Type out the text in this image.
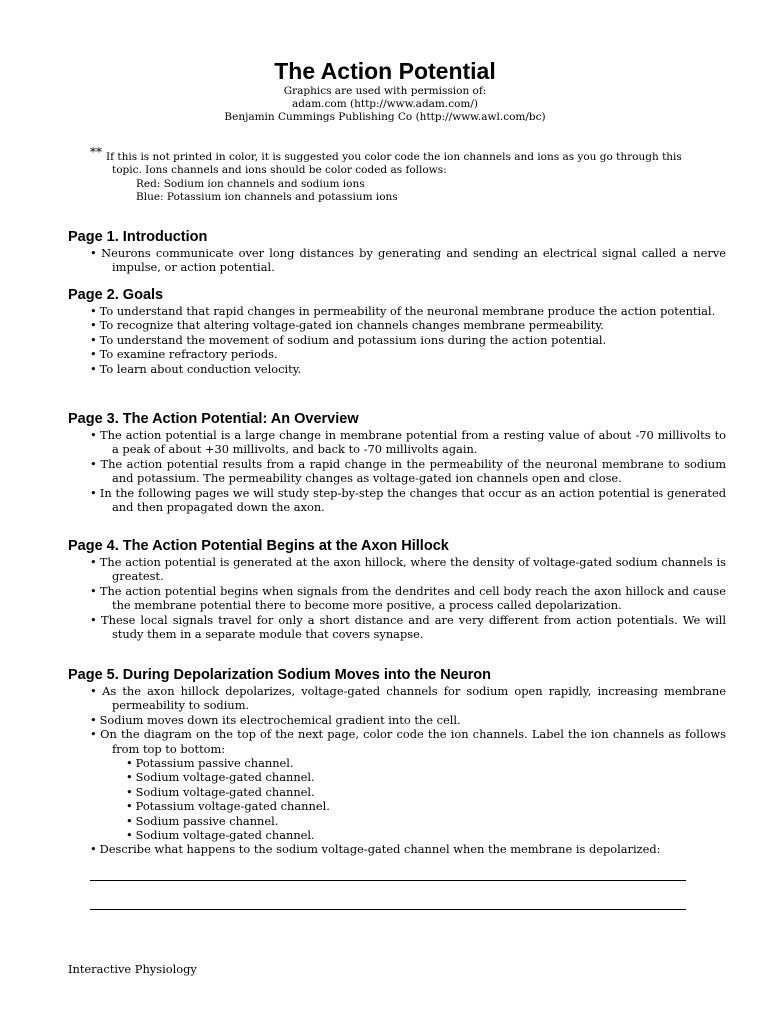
The Action Potential
Graphics are used with permission of:
adam.com (http://www.adam.com/)
Benjamin Cummings Publishing Co (http://www.awl.com/bc)
** If this is not printed in color, it is suggested you color code the ion channels and ions as you go through this
topic. Ions channels and ions should be color coded as follows:
Red: Sodium ion channels and sodium ions
Blue: Potassium ion channels and potassium ions
Page 1. Introduction
• Neurons communicate over long distances by generating and sending an electrical signal called a nerve impulse, or action potential.
Page 2. Goals
• To understand that rapid changes in permeability of the neuronal membrane produce the action potential.
• To recognize that altering voltage-gated ion channels changes membrane permeability.
• To understand the movement of sodium and potassium ions during the action potential.
• To examine refractory periods.
• To learn about conduction velocity.
Page 3. The Action Potential: An Overview
• The action potential is a large change in membrane potential from a resting value of about -70 millivolts to a peak of about +30 millivolts, and back to -70 millivolts again.
• The action potential results from a rapid change in the permeability of the neuronal membrane to sodium and potassium. The permeability changes as voltage-gated ion channels open and close.
• In the following pages we will study step-by-step the changes that occur as an action potential is generated and then propagated down the axon.
Page 4. The Action Potential Begins at the Axon Hillock
• The action potential is generated at the axon hillock, where the density of voltage-gated sodium channels is greatest.
• The action potential begins when signals from the dendrites and cell body reach the axon hillock and cause the membrane potential there to become more positive, a process called depolarization.
• These local signals travel for only a short distance and are very different from action potentials. We will study them in a separate module that covers synapse.
Page 5. During Depolarization Sodium Moves into the Neuron
• As the axon hillock depolarizes, voltage-gated channels for sodium open rapidly, increasing membrane permeability to sodium.
• Sodium moves down its electrochemical gradient into the cell.
• On the diagram on the top of the next page, color code the ion channels. Label the ion channels as follows from top to bottom:
• Potassium passive channel.
• Sodium voltage-gated channel.
• Sodium voltage-gated channel.
• Potassium voltage-gated channel.
• Sodium passive channel.
• Sodium voltage-gated channel.
• Describe what happens to the sodium voltage-gated channel when the membrane is depolarized:
Interactive Physiology
